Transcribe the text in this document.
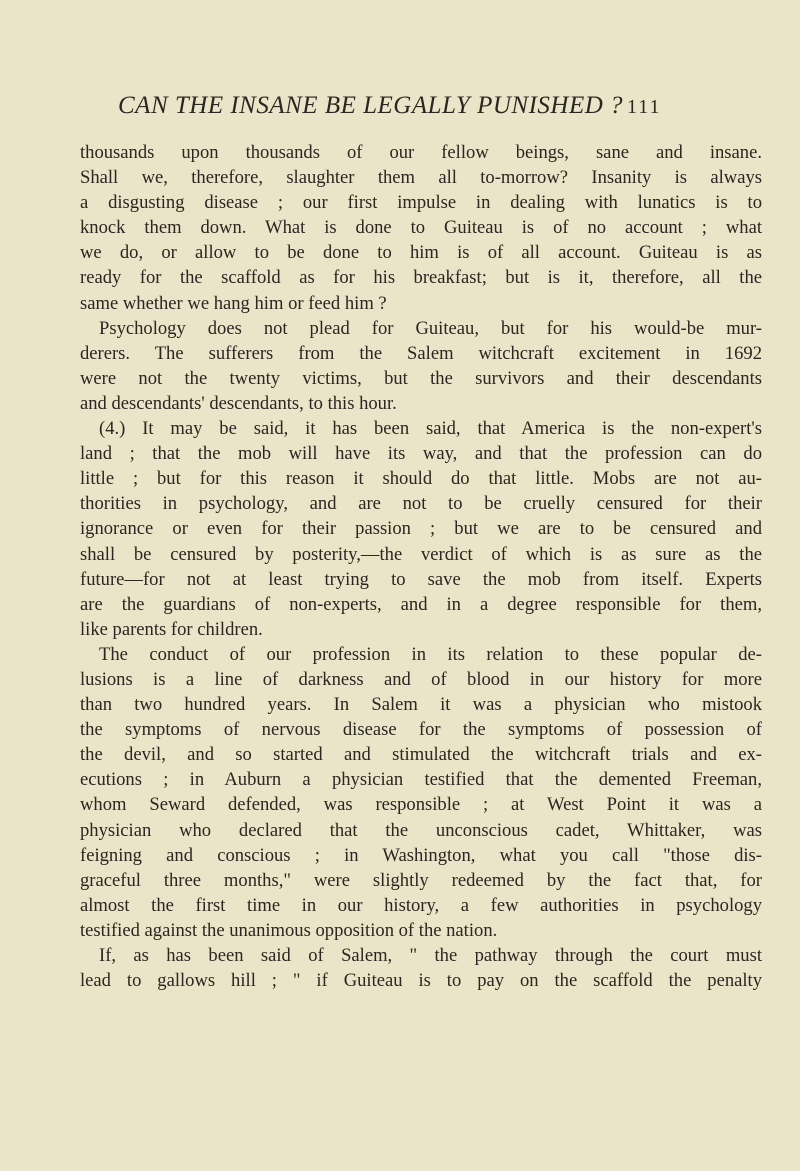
CAN THE INSANE BE LEGALLY PUNISHED ? 111
thousands upon thousands of our fellow beings, sane and insane.
Shall we, therefore, slaughter them all to-morrow? Insanity is always
a disgusting disease ; our first impulse in dealing with lunatics is to
knock them down. What is done to Guiteau is of no account ; what
we do, or allow to be done to him is of all account. Guiteau is as
ready for the scaffold as for his breakfast; but is it, therefore, all the
same whether we hang him or feed him ?
Psychology does not plead for Guiteau, but for his would-be mur-
derers. The sufferers from the Salem witchcraft excitement in 1692
were not the twenty victims, but the survivors and their descendants
and descendants' descendants, to this hour.
(4.) It may be said, it has been said, that America is the non-expert's
land ; that the mob will have its way, and that the profession can do
little ; but for this reason it should do that little. Mobs are not au-
thorities in psychology, and are not to be cruelly censured for their
ignorance or even for their passion ; but we are to be censured and
shall be censured by posterity,—the verdict of which is as sure as the
future—for not at least trying to save the mob from itself. Experts
are the guardians of non-experts, and in a degree responsible for them,
like parents for children.
The conduct of our profession in its relation to these popular de-
lusions is a line of darkness and of blood in our history for more
than two hundred years. In Salem it was a physician who mistook
the symptoms of nervous disease for the symptoms of possession of
the devil, and so started and stimulated the witchcraft trials and ex-
ecutions ; in Auburn a physician testified that the demented Freeman,
whom Seward defended, was responsible ; at West Point it was a
physician who declared that the unconscious cadet, Whittaker, was
feigning and conscious ; in Washington, what you call "those dis-
graceful three months," were slightly redeemed by the fact that, for
almost the first time in our history, a few authorities in psychology
testified against the unanimous opposition of the nation.
If, as has been said of Salem, " the pathway through the court must
lead to gallows hill ; " if Guiteau is to pay on the scaffold the penalty
